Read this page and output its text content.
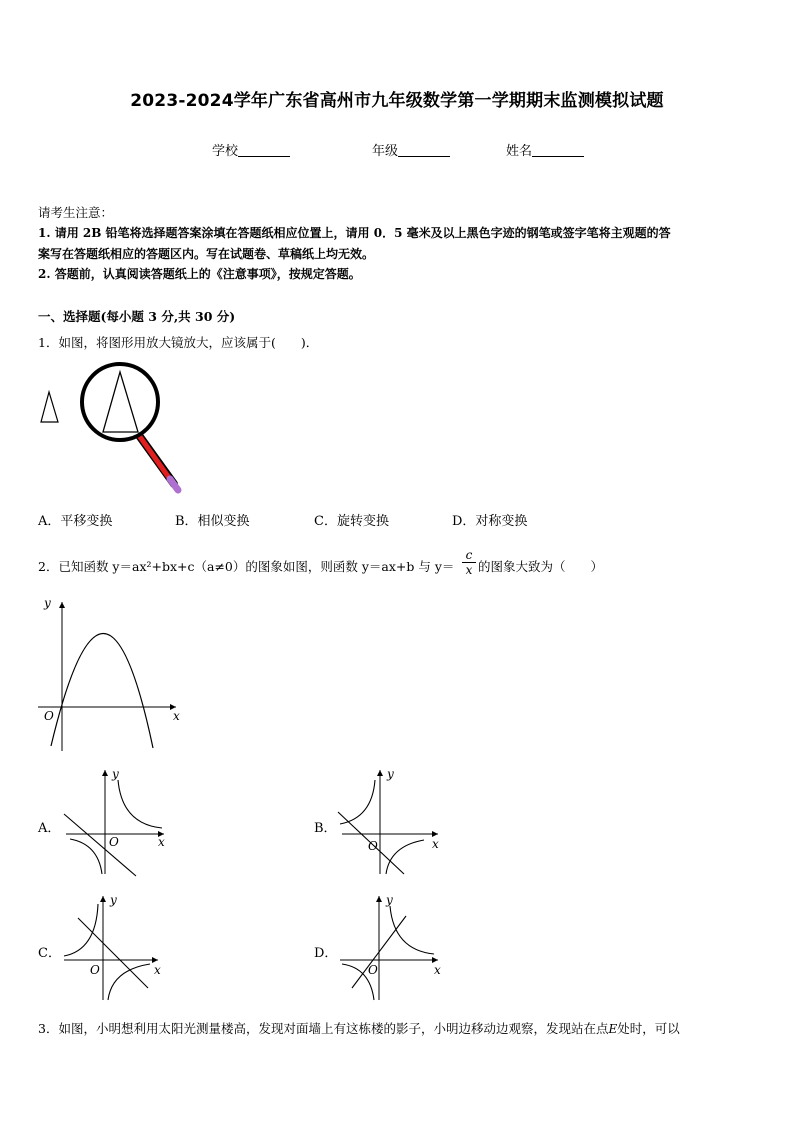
2023-2024学年广东省高州市九年级数学第一学期期末监测模拟试题
学校	年级	姓名
请考生注意：
1. 请用 2B 铅笔将选择题答案涂填在答题纸相应位置上，请用 0．5 毫米及以上黑色字迹的钢笔或签字笔将主观题的答
案写在答题纸相应的答题区内。写在试题卷、草稿纸上均无效。
2. 答题前，认真阅读答题纸上的《注意事项》，按规定答题。
一、选择题(每小题 3 分,共 30 分)
1．如图，将图形用放大镜放大，应该属于(　　)．
A．平移变换	B．相似变换	C．旋转变换	D．对称变换
2．已知函数 y＝ax²+bx+c（a≠0）的图象如图，则函数 y＝ax+b 与 y＝
c
x 的图象大致为（　　）
y
x
O
A．
y
x
O
B．
y
x
O
C．
y
x
O
D．
y
x
O
3．如图，小明想利用太阳光测量楼高，发现对面墙上有这栋楼的影子，小明边移动边观察，发现站在点E处时，可以
